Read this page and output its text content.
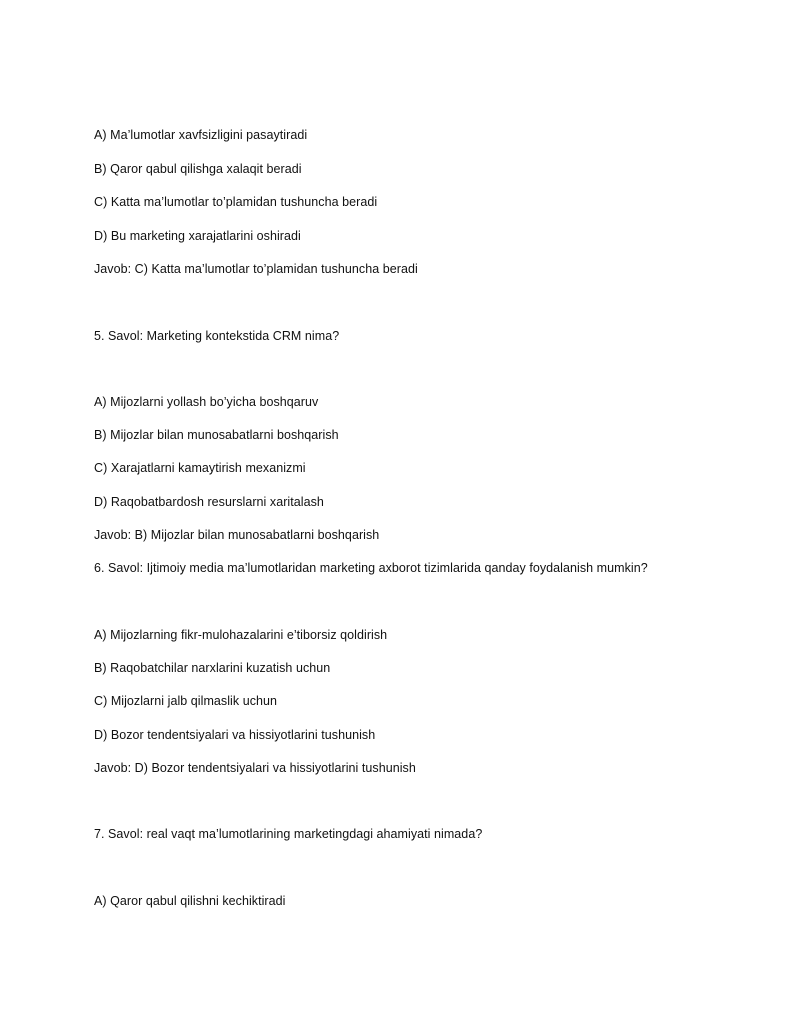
A) Ma’lumotlar xavfsizligini pasaytiradi
B) Qaror qabul qilishga xalaqit beradi
C) Katta ma’lumotlar to’plamidan tushuncha beradi
D) Bu marketing xarajatlarini oshiradi
Javob: C) Katta ma’lumotlar to’plamidan tushuncha beradi
5. Savol: Marketing kontekstida CRM nima?
A) Mijozlarni yollash bo’yicha boshqaruv
B) Mijozlar bilan munosabatlarni boshqarish
C) Xarajatlarni kamaytirish mexanizmi
D) Raqobatbardosh resurslarni xaritalash
Javob: B) Mijozlar bilan munosabatlarni boshqarish
6. Savol: Ijtimoiy media ma’lumotlaridan marketing axborot tizimlarida qanday foydalanish mumkin?
A) Mijozlarning fikr-mulohazalarini e’tiborsiz qoldirish
B) Raqobatchilar narxlarini kuzatish uchun
C) Mijozlarni jalb qilmaslik uchun
D) Bozor tendentsiyalari va hissiyotlarini tushunish
Javob: D) Bozor tendentsiyalari va hissiyotlarini tushunish
7. Savol: real vaqt ma’lumotlarining marketingdagi ahamiyati nimada?
A) Qaror qabul qilishni kechiktiradi
